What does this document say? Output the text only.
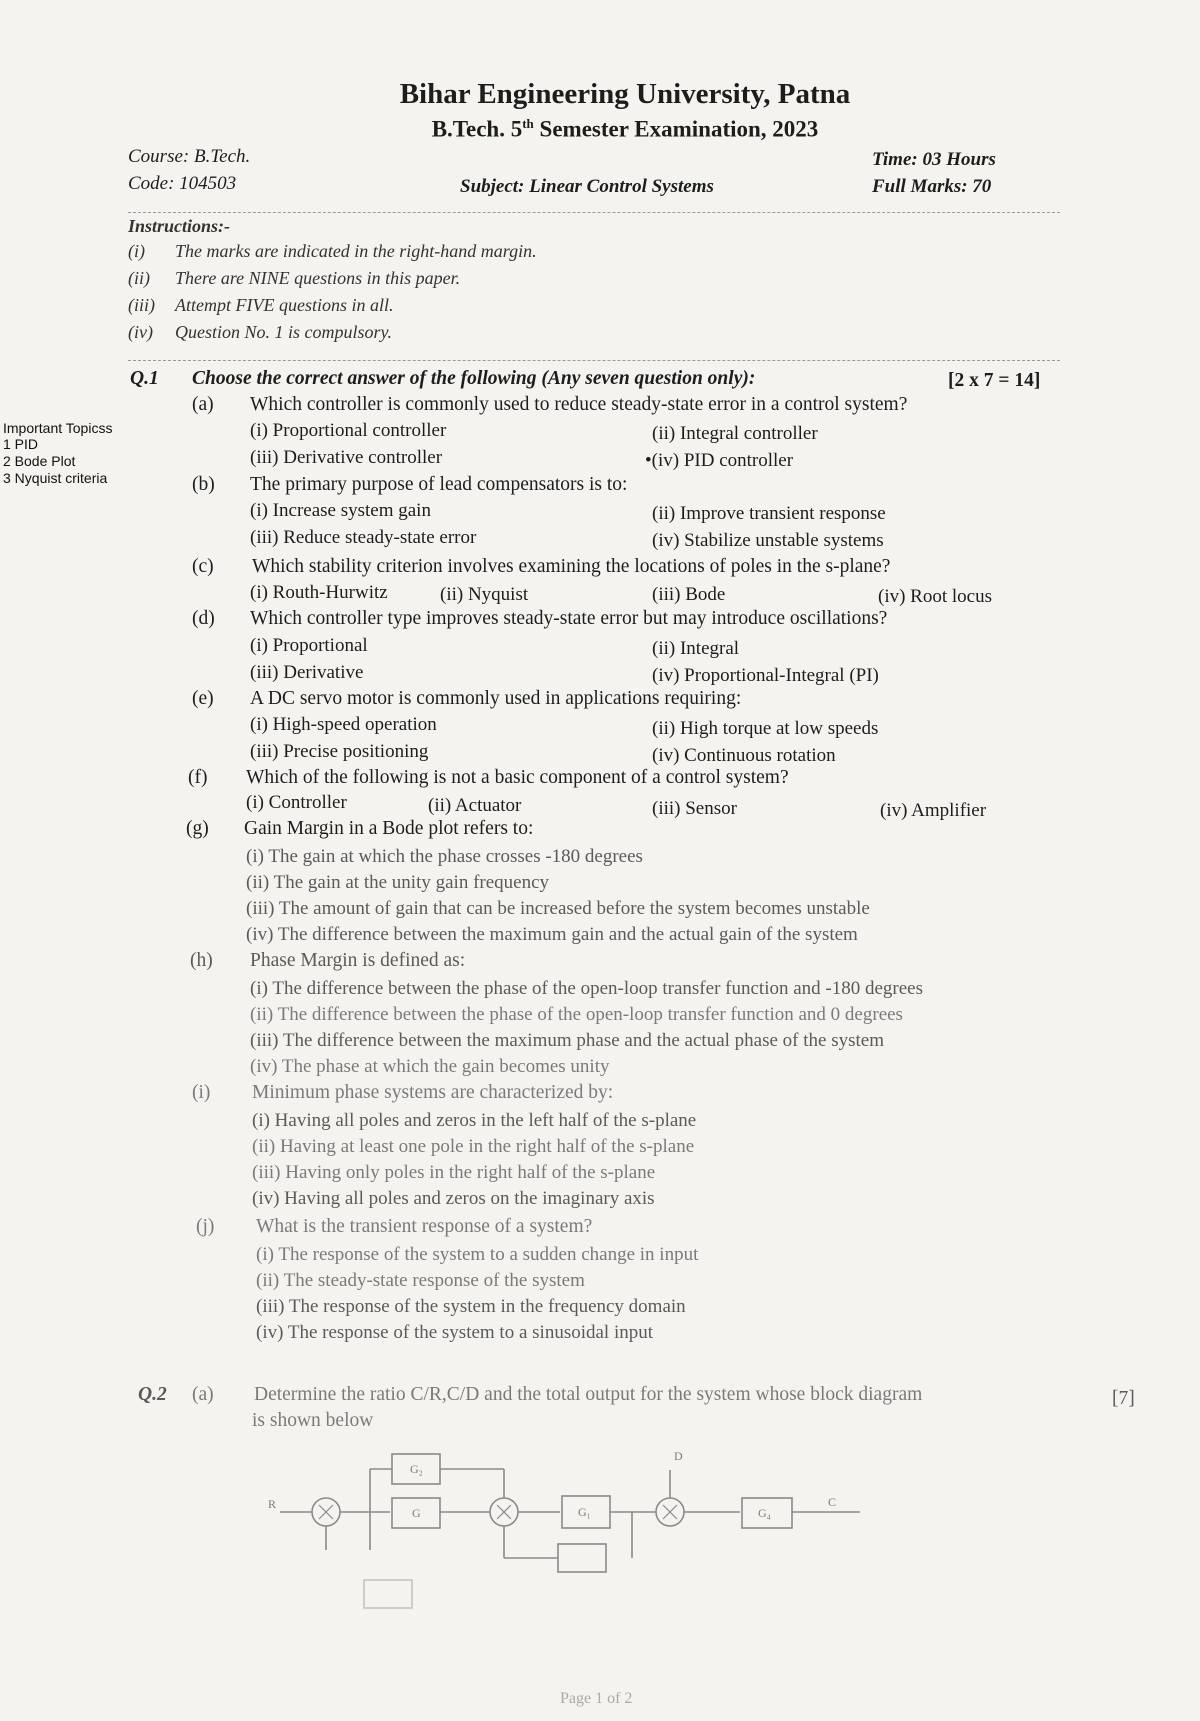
Bihar Engineering University, Patna
B.Tech. 5th Semester Examination, 2023
Course: B.Tech.
Code: 104503	Subject: Linear Control Systems
Time: 03 Hours
Full Marks: 70
Instructions:-
(i) The marks are indicated in the right-hand margin.
(ii) There are NINE questions in this paper.
(iii) Attempt FIVE questions in all.
(iv) Question No. 1 is compulsory.
Important Topicss
1 PID
2 Bode Plot
3 Nyquist criteria
Q.1 Choose the correct answer of the following (Any seven question only):	[2 x 7 = 14]
(a) Which controller is commonly used to reduce steady-state error in a control system?
(i) Proportional controller	(ii) Integral controller
(iii) Derivative controller	•(iv) PID controller
(b) The primary purpose of lead compensators is to:
(i) Increase system gain	(ii) Improve transient response
(iii) Reduce steady-state error	(iv) Stabilize unstable systems
(c) Which stability criterion involves examining the locations of poles in the s-plane?
(i) Routh-Hurwitz	(ii) Nyquist	(iii) Bode	(iv) Root locus
(d) Which controller type improves steady-state error but may introduce oscillations?
(i) Proportional	(ii) Integral
(iii) Derivative	(iv) Proportional-Integral (PI)
(e) A DC servo motor is commonly used in applications requiring:
(i) High-speed operation	(ii) High torque at low speeds
(iii) Precise positioning	(iv) Continuous rotation
(f) Which of the following is not a basic component of a control system?
(i) Controller	(ii) Actuator	(iii) Sensor	(iv) Amplifier
(g) Gain Margin in a Bode plot refers to:
(i) The gain at which the phase crosses -180 degrees
(ii) The gain at the unity gain frequency
(iii) The amount of gain that can be increased before the system becomes unstable
(iv) The difference between the maximum gain and the actual gain of the system
(h) Phase Margin is defined as:
(i) The difference between the phase of the open-loop transfer function and -180 degrees
(ii) The difference between the phase of the open-loop transfer function and 0 degrees
(iii) The difference between the maximum phase and the actual phase of the system
(iv) The phase at which the gain becomes unity
(i) Minimum phase systems are characterized by:
(i) Having all poles and zeros in the left half of the s-plane
(ii) Having at least one pole in the right half of the s-plane
(iii) Having only poles in the right half of the s-plane
(iv) Having all poles and zeros on the imaginary axis
(j) What is the transient response of a system?
(i) The response of the system to a sudden change in input
(ii) The steady-state response of the system
(iii) The response of the system in the frequency domain
(iv) The response of the system to a sinusoidal input
Q.2 (a) Determine the ratio C/R,C/D and the total output for the system whose block diagram
is shown below
[7]
R
G₂
G	G₁	G₄
D
C
Page 1 of 2
